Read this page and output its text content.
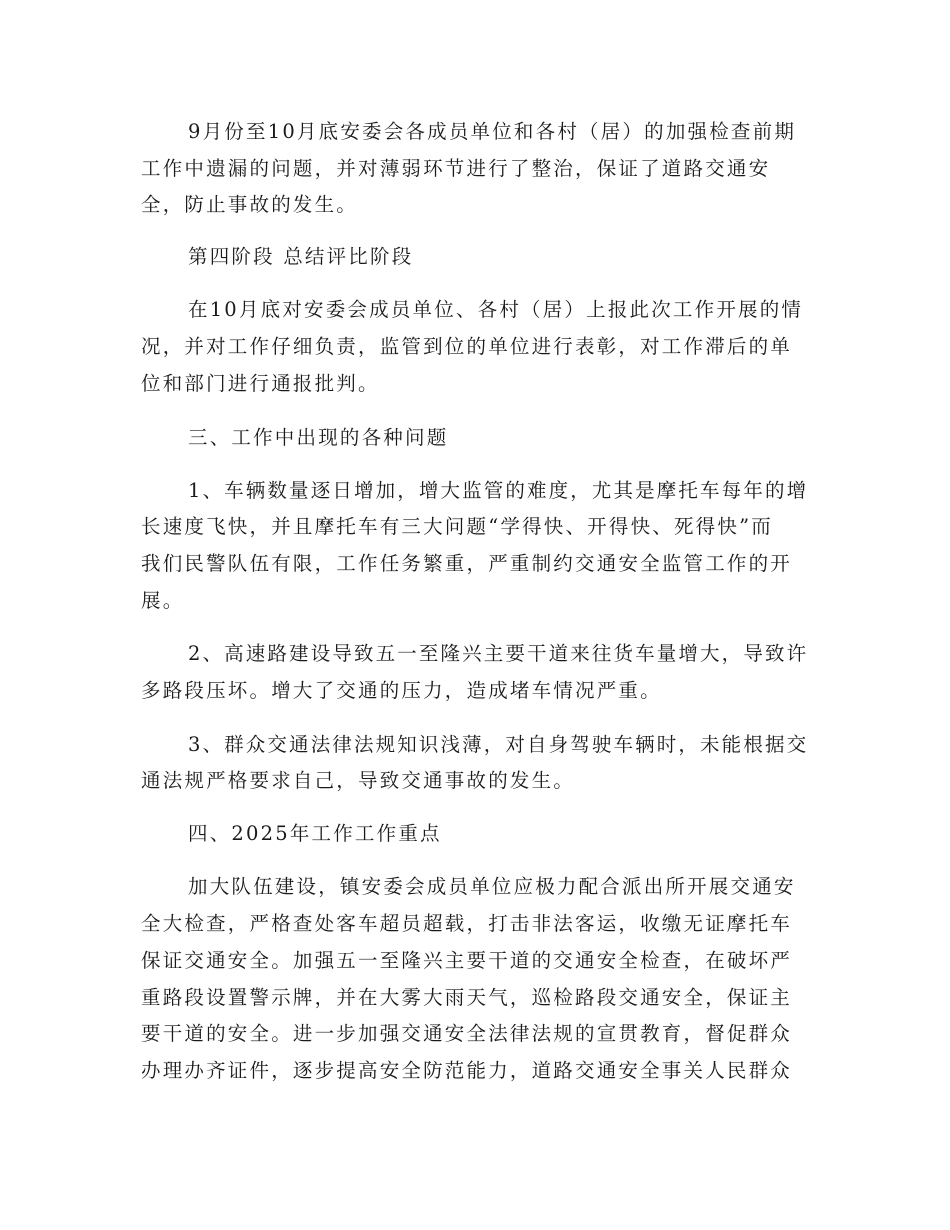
9月份至10月底安委会各成员单位和各村（居）的加强检查前期
工作中遗漏的问题，并对薄弱环节进行了整治，保证了道路交通安
全，防止事故的发生。
第四阶段 总结评比阶段
在10月底对安委会成员单位、各村（居）上报此次工作开展的情
况，并对工作仔细负责，监管到位的单位进行表彰，对工作滞后的单
位和部门进行通报批判。
三、工作中出现的各种问题
1、车辆数量逐日增加，增大监管的难度，尤其是摩托车每年的增
长速度飞快，并且摩托车有三大问题“学得快、开得快、死得快”而
我们民警队伍有限，工作任务繁重，严重制约交通安全监管工作的开
展。
2、高速路建设导致五一至隆兴主要干道来往货车量增大，导致许
多路段压坏。增大了交通的压力，造成堵车情况严重。
3、群众交通法律法规知识浅薄，对自身驾驶车辆时，未能根据交
通法规严格要求自己，导致交通事故的发生。
四、2025年工作工作重点
加大队伍建设，镇安委会成员单位应极力配合派出所开展交通安
全大检查，严格查处客车超员超载，打击非法客运，收缴无证摩托车
保证交通安全。加强五一至隆兴主要干道的交通安全检查，在破坏严
重路段设置警示牌，并在大雾大雨天气，巡检路段交通安全，保证主
要干道的安全。进一步加强交通安全法律法规的宣贯教育，督促群众
办理办齐证件，逐步提高安全防范能力，道路交通安全事关人民群众
